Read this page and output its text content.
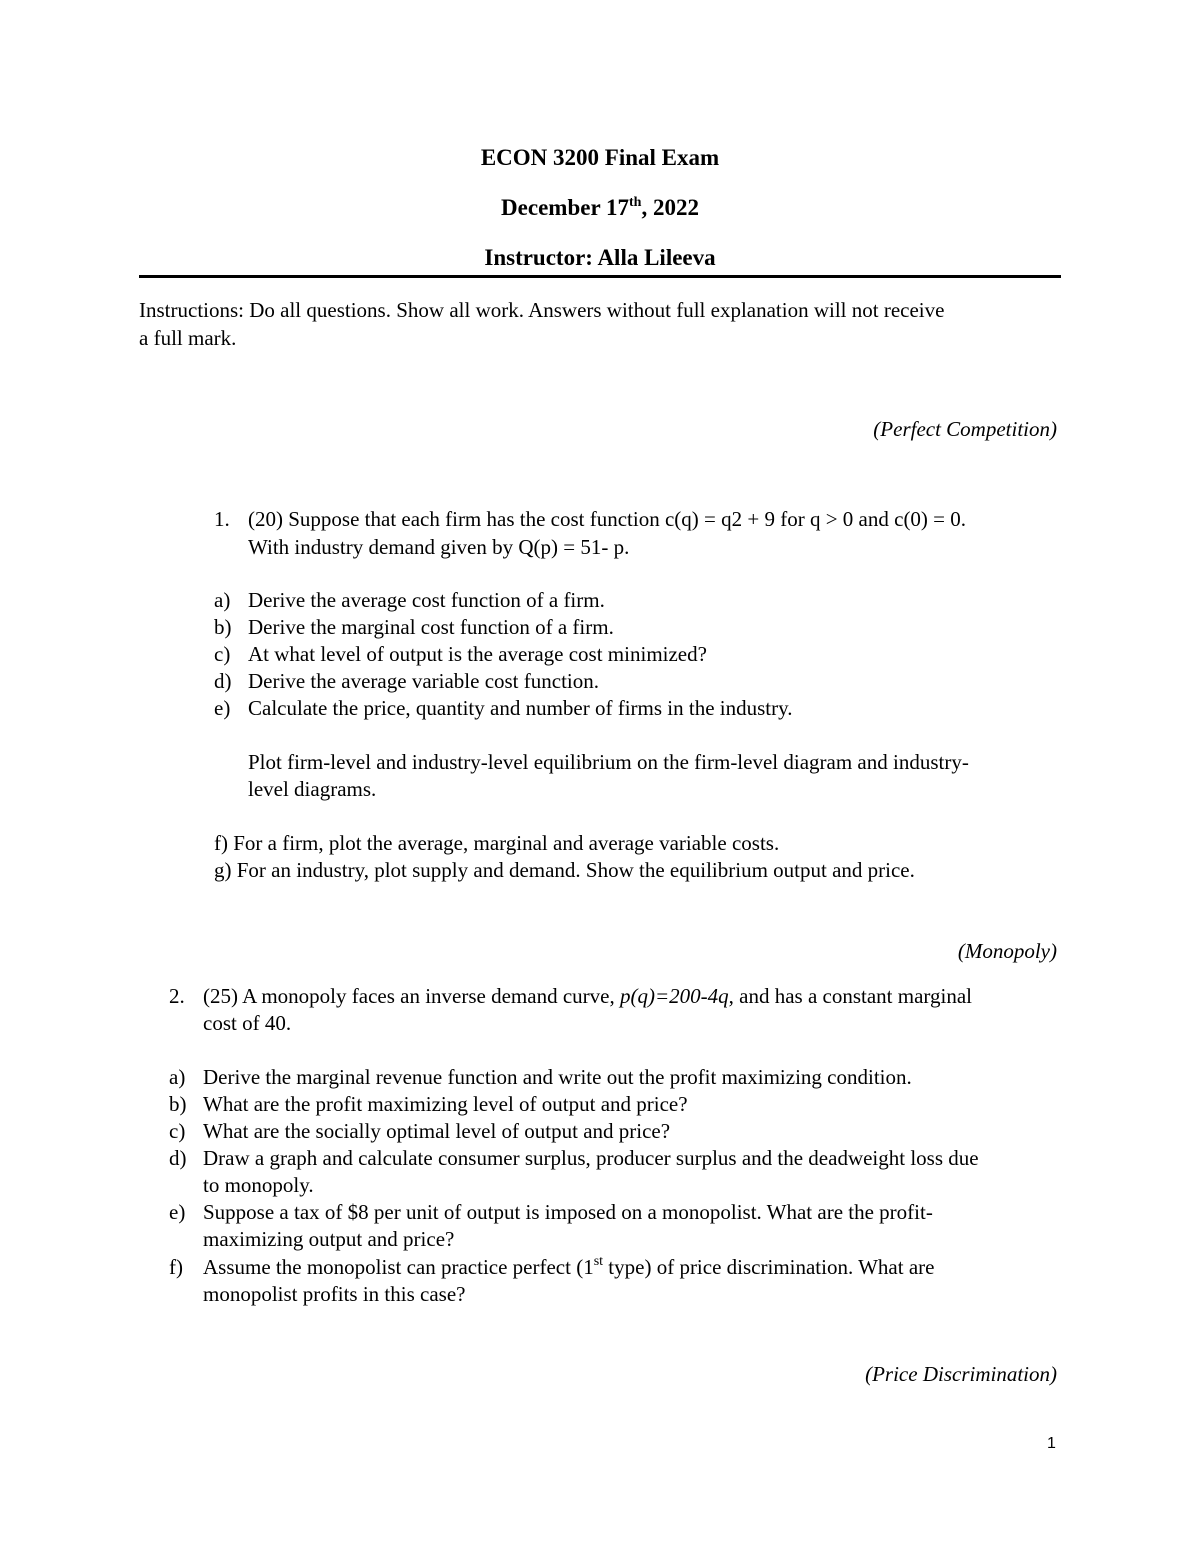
ECON 3200 Final Exam
December 17th, 2022
Instructor: Alla Lileeva
Instructions: Do all questions. Show all work. Answers without full explanation will not receive
a full mark.
(Perfect Competition)
1. (20) Suppose that each firm has the cost function c(q) = q2 + 9 for q > 0 and c(0) = 0.
With industry demand given by Q(p) = 51- p.
a) Derive the average cost function of a firm.
b) Derive the marginal cost function of a firm.
c) At what level of output is the average cost minimized?
d) Derive the average variable cost function.
e) Calculate the price, quantity and number of firms in the industry.
Plot firm-level and industry-level equilibrium on the firm-level diagram and industry-
level diagrams.
f) For a firm, plot the average, marginal and average variable costs.
g) For an industry, plot supply and demand. Show the equilibrium output and price.
(Monopoly)
2. (25) A monopoly faces an inverse demand curve, p(q)=200-4q, and has a constant marginal
cost of 40.
a) Derive the marginal revenue function and write out the profit maximizing condition.
b) What are the profit maximizing level of output and price?
c) What are the socially optimal level of output and price?
d) Draw a graph and calculate consumer surplus, producer surplus and the deadweight loss due
to monopoly.
e) Suppose a tax of $8 per unit of output is imposed on a monopolist. What are the profit-
maximizing output and price?
f) Assume the monopolist can practice perfect (1st type) of price discrimination. What are
monopolist profits in this case?
(Price Discrimination)
1
